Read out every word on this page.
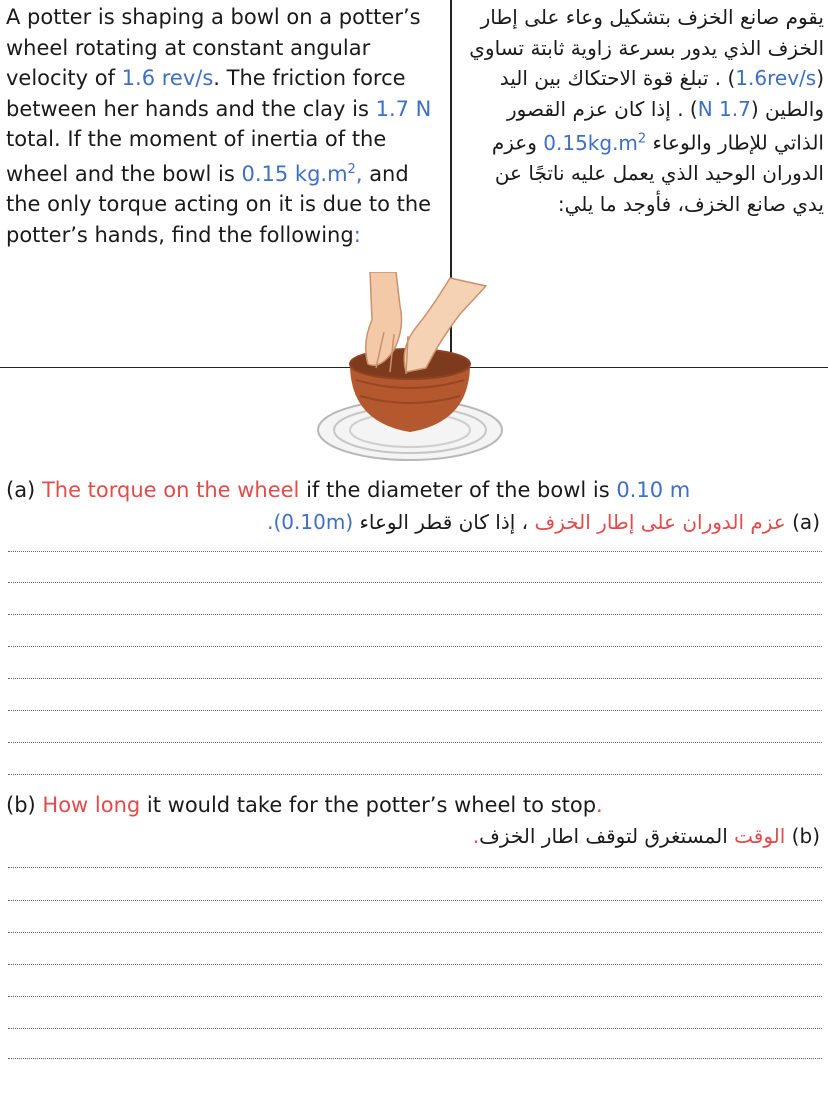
A potter is shaping a bowl on a potter’s wheel rotating at constant angular velocity of 1.6 rev/s. The friction force between her hands and the clay is 1.7 N total. If the moment of inertia of the wheel and the bowl is 0.15 $kg.m^2$, and the only torque acting on it is due to the potter’s hands, find the following:
يقوم صانع الخزف بتشكيل وعاء على إطار الخزف الذي يدور بسرعة زاوية ثابتة تساوي (1.6rev/s) . تبلغ قوة الاحتكاك بين اليد والطين (1.7 N) . إذا كان عزم القصور الذاتي للإطار والوعاء $0.15kg.m^2$ وعزم الدوران الوحيد الذي يعمل عليه ناتجًا عن يدي صانع الخزف، فأوجد ما يلي:
(a) The torque on the wheel if the diameter of the bowl is 0.10 m
(a) عزم الدوران على إطار الخزف ، إذا كان قطر الوعاء (0.10m).
(b) How long it would take for the potter’s wheel to stop.
(b) الوقت المستغرق لتوقف اطار الخزف.
